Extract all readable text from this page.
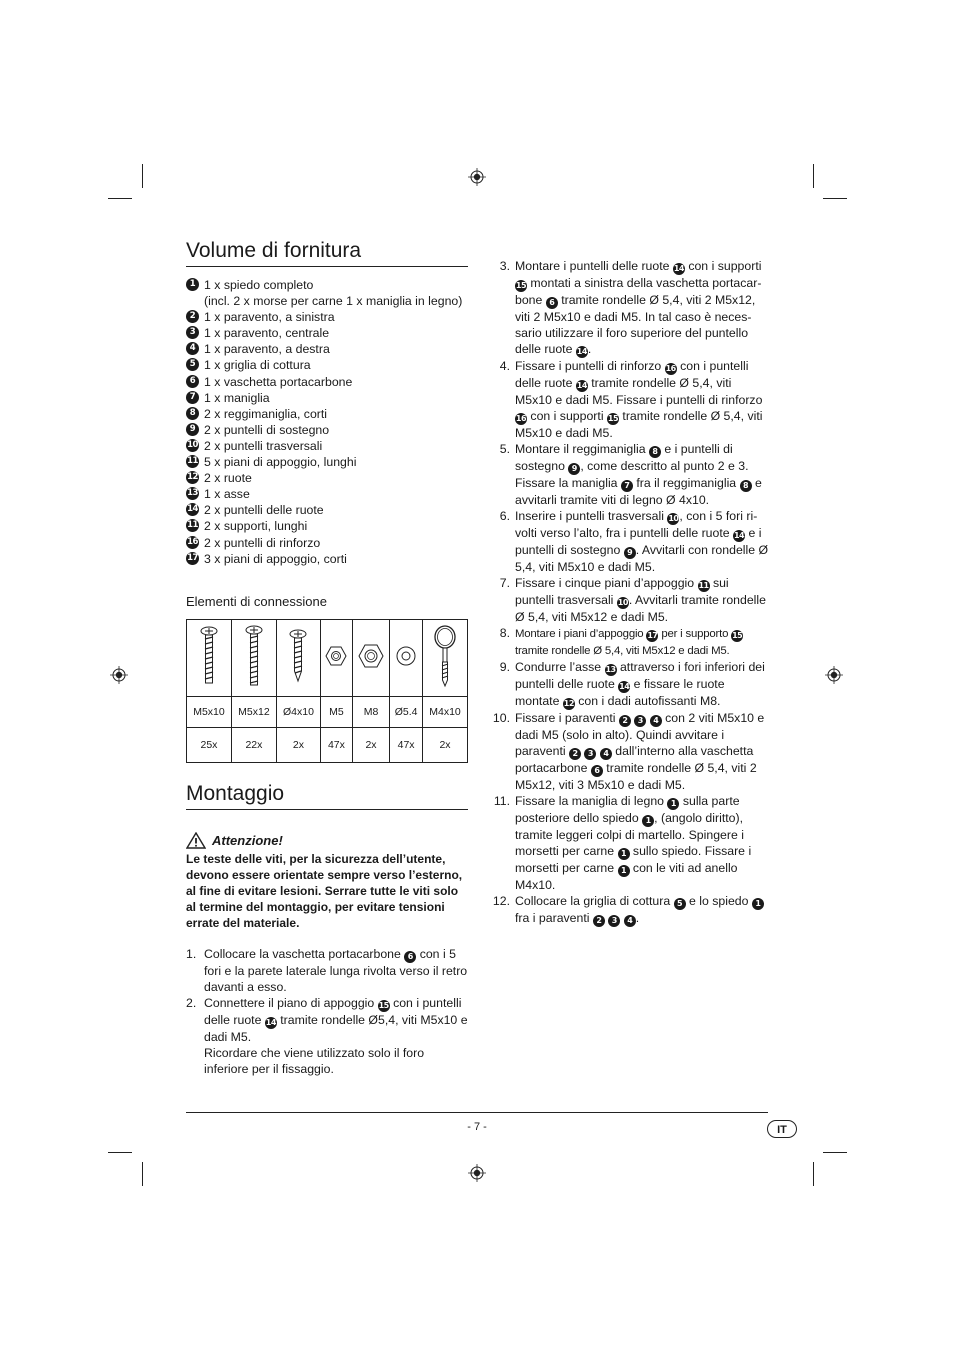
Volume di fornitura
1 1 x spiedo completo
(incl. 2 x morse per carne 1 x maniglia in legno)
2 1 x paravento, a sinistra
3 1 x paravento, centrale
4 1 x paravento, a destra
5 1 x griglia di cottura
6 1 x vaschetta portacarbone
7 1 x maniglia
8 2 x reggimaniglia, corti
9 2 x puntelli di sostegno
10 2 x puntelli trasversali
11 5 x piani di appoggio, lunghi
12 2 x ruote
13 1 x asse
14 2 x puntelli delle ruote
11 2 x supporti, lunghi
16 2 x puntelli di rinforzo
17 3 x piani di appoggio, corti
Elementi di connessione

M5x10	M5x12	Ø4x10	M5	M8	Ø5.4	M4x10
25x	22x	2x	47x	2x	47x	2x
Montaggio
Attenzione!
Le teste delle viti, per la sicurezza dell’utente, devono essere orientate sempre verso l’esterno, al fine di evitare lesioni. Serrare tutte le viti solo al termine del montaggio, per evitare tensioni errate del materiale.
1. Collocare la vaschetta portacarbone 6 con i 5 fori e la parete laterale lunga rivolta verso il retro davanti a esso.
2. Connettere il piano di appoggio 15 con i puntelli delle ruote 14 tramite rondelle Ø5,4, viti M5x10 e dadi M5.
Ricordare che viene utilizzato solo il foro inferiore per il fissaggio.
3. Montare i puntelli delle ruote 14 con i supporti 15 montati a sinistra della vaschetta portacar-bone 6 tramite rondelle Ø 5,4, viti 2 M5x12, viti 2 M5x10 e dadi M5. In tal caso è neces-sario utilizzare il foro superiore del puntello delle ruote 14.
4. Fissare i puntelli di rinforzo 16 con i puntelli delle ruote 14 tramite rondelle Ø 5,4, viti M5x10 e dadi M5. Fissare i puntelli di rinforzo 16 con i supporti 15 tramite rondelle Ø 5,4, viti M5x10 e dadi M5.
5. Montare il reggimaniglia 8 e i puntelli di sostegno 9 , come descritto al punto 2 e 3. Fissare la maniglia 7 fra il reggimaniglia 8 e avvitarli tramite viti di legno Ø 4x10.
6. Inserire i puntelli trasversali 10, con i 5 fori ri-volti verso l’alto, fra i puntelli delle ruote 14 e i puntelli di sostegno 9 . Avvitarli con rondelle Ø 5,4, viti M5x10 e dadi M5.
7. Fissare i cinque piani d’appoggio 11 sui puntelli trasversali 10. Avvitarli tramite rondelle Ø 5,4, viti M5x12 e dadi M5.
8. Montare i piani d’appoggio 17 per i supporto 15 tramite rondelle Ø 5,4, viti M5x12 e dadi M5.
9. Condurre l’asse 13 attraverso i fori inferiori dei puntelli delle ruote 14 e fissare le ruote montate 12 con i dadi autofissanti M8.
10. Fissare i paraventi 2 3 4 con 2 viti M5x10 e dadi M5 (solo in alto). Quindi avvitare i paraventi 2 3 4 dall’interno alla vaschetta portacarbone 6 tramite rondelle Ø 5,4, viti 2 M5x12, viti 3 M5x10 e dadi M5.
11. Fissare la maniglia di legno 1 sulla parte posteriore dello spiedo 1 , (angolo diritto), tramite leggeri colpi di martello. Spingere i morsetti per carne 1 sullo spiedo. Fissare i morsetti per carne 1 con le viti ad anello M4x10.
12. Collocare la griglia di cottura 5 e lo spiedo 1 fra i paraventi 2 3 4 .
- 7 -	IT
